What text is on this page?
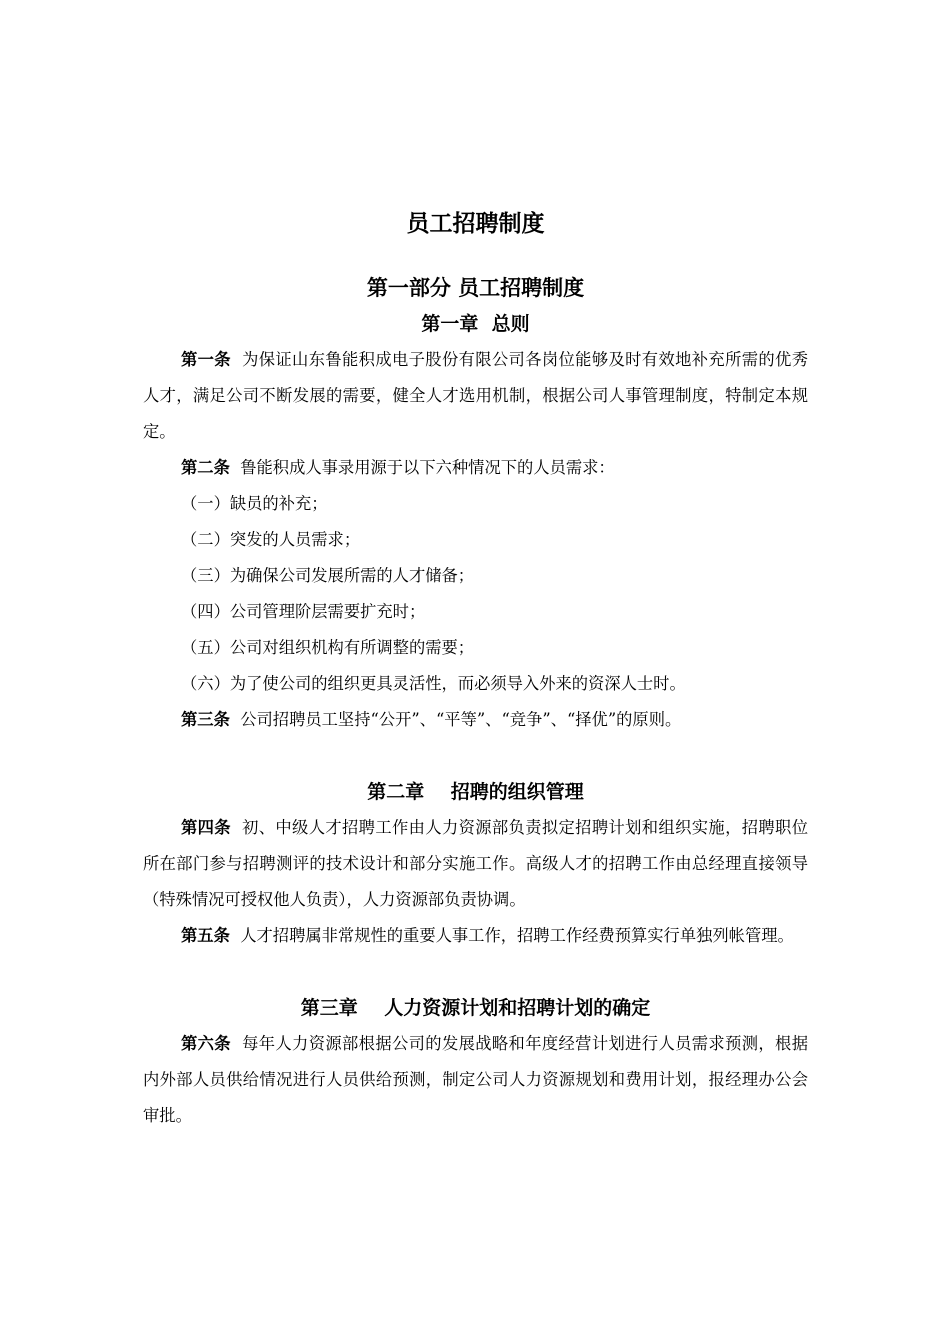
员工招聘制度
第一部分 员工招聘制度
第一章  总则

第一条 为保证山东鲁能积成电子股份有限公司各岗位能够及时有效地补充所需的优秀人才，满足公司不断发展的需要，健全人才选用机制，根据公司人事管理制度，特制定本规定。

第二条 鲁能积成人事录用源于以下六种情况下的人员需求：

（一）缺员的补充；

（二）突发的人员需求；

（三）为确保公司发展所需的人才储备；

（四）公司管理阶层需要扩充时；

（五）公司对组织机构有所调整的需要；

（六）为了使公司的组织更具灵活性，而必须导入外来的资深人士时。

第三条 公司招聘员工坚持“公开”、“平等”、“竞争”、“择优”的原则。

第二章    招聘的组织管理

第四条 初、中级人才招聘工作由人力资源部负责拟定招聘计划和组织实施，招聘职位所在部门参与招聘测评的技术设计和部分实施工作。高级人才的招聘工作由总经理直接领导（特殊情况可授权他人负责），人力资源部负责协调。

第五条 人才招聘属非常规性的重要人事工作，招聘工作经费预算实行单独列帐管理。

第三章    人力资源计划和招聘计划的确定

第六条 每年人力资源部根据公司的发展战略和年度经营计划进行人员需求预测，根据内外部人员供给情况进行人员供给预测，制定公司人力资源规划和费用计划，报经理办公会审批。
